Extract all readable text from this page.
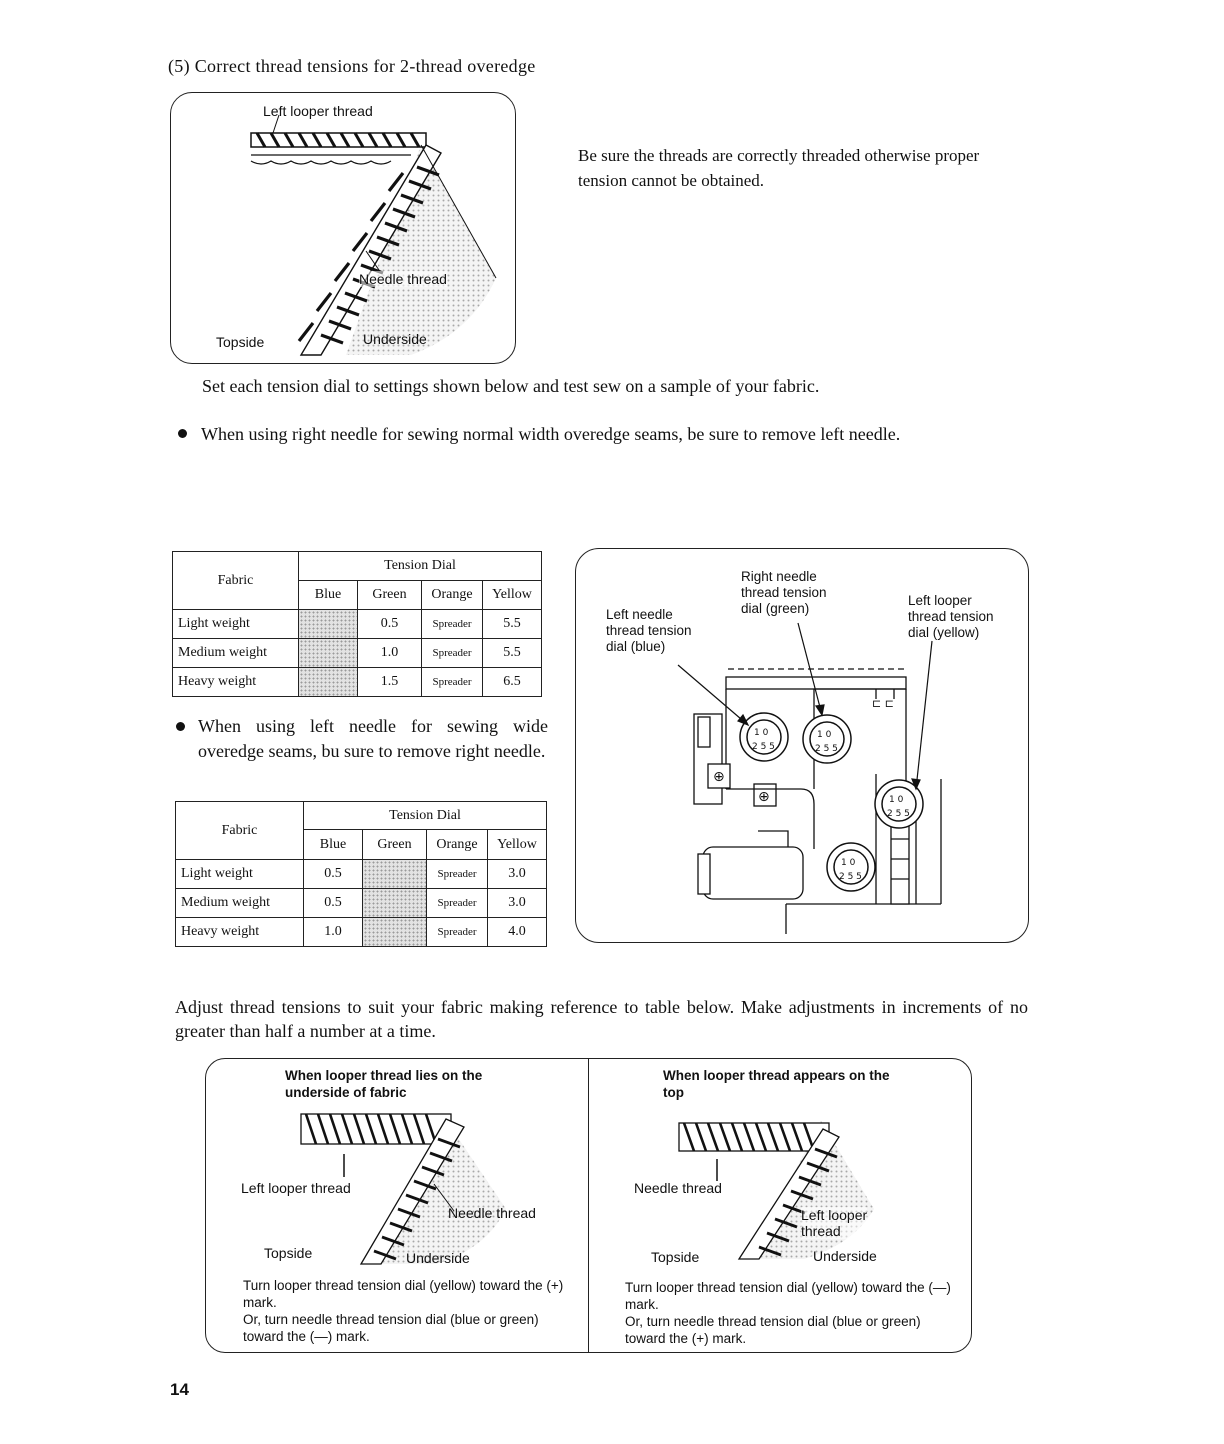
(5) Correct thread tensions for 2-thread overedge
Left looper thread
Needle thread
Topside	Underside
Be sure the threads are correctly threaded otherwise proper tension cannot be obtained.
Set each tension dial to settings shown below and test sew on a sample of your fabric.
When using right needle for sewing normal width overedge seams, be sure to remove left needle.
Fabric	Tension Dial			
	Blue	Green	Orange	Yellow
Light weight		0.5	Spreader	5.5
Medium weight		1.0	Spreader	5.5
Heavy weight		1.5	Spreader	6.5
When using left needle for sewing wide overedge seams, bu sure to remove right needle.
Fabric	Tension Dial			
	Blue	Green	Orange	Yellow
Light weight	0.5		Spreader	3.0
Medium weight	0.5		Spreader	3.0
Heavy weight	1.0		Spreader	4.0
⊕
⊕
⊏ ⊏
1 0
2 5 5
1 0
2 5 5
1 0
2 5 5
1 0
2 5 5
Right needle
thread tension
dial (green)
Left needle
thread tension
dial (blue)
Left looper
thread tension
dial (yellow)
Adjust thread tensions to suit your fabric making reference to table below. Make adjustments in increments of no greater than half a number at a time.
When looper thread lies on the underside of fabric
Left looper thread
Needle thread
Topside	Underside
Turn looper thread tension dial (yellow) toward the (+) mark.
Or, turn needle thread tension dial (blue or green) toward the (—) mark.
When looper thread appears on the top
Needle thread
Left looper
thread
Topside	Underside
Turn looper thread tension dial (yellow) toward the (—) mark.
Or, turn needle thread tension dial (blue or green) toward the (+) mark.
14
